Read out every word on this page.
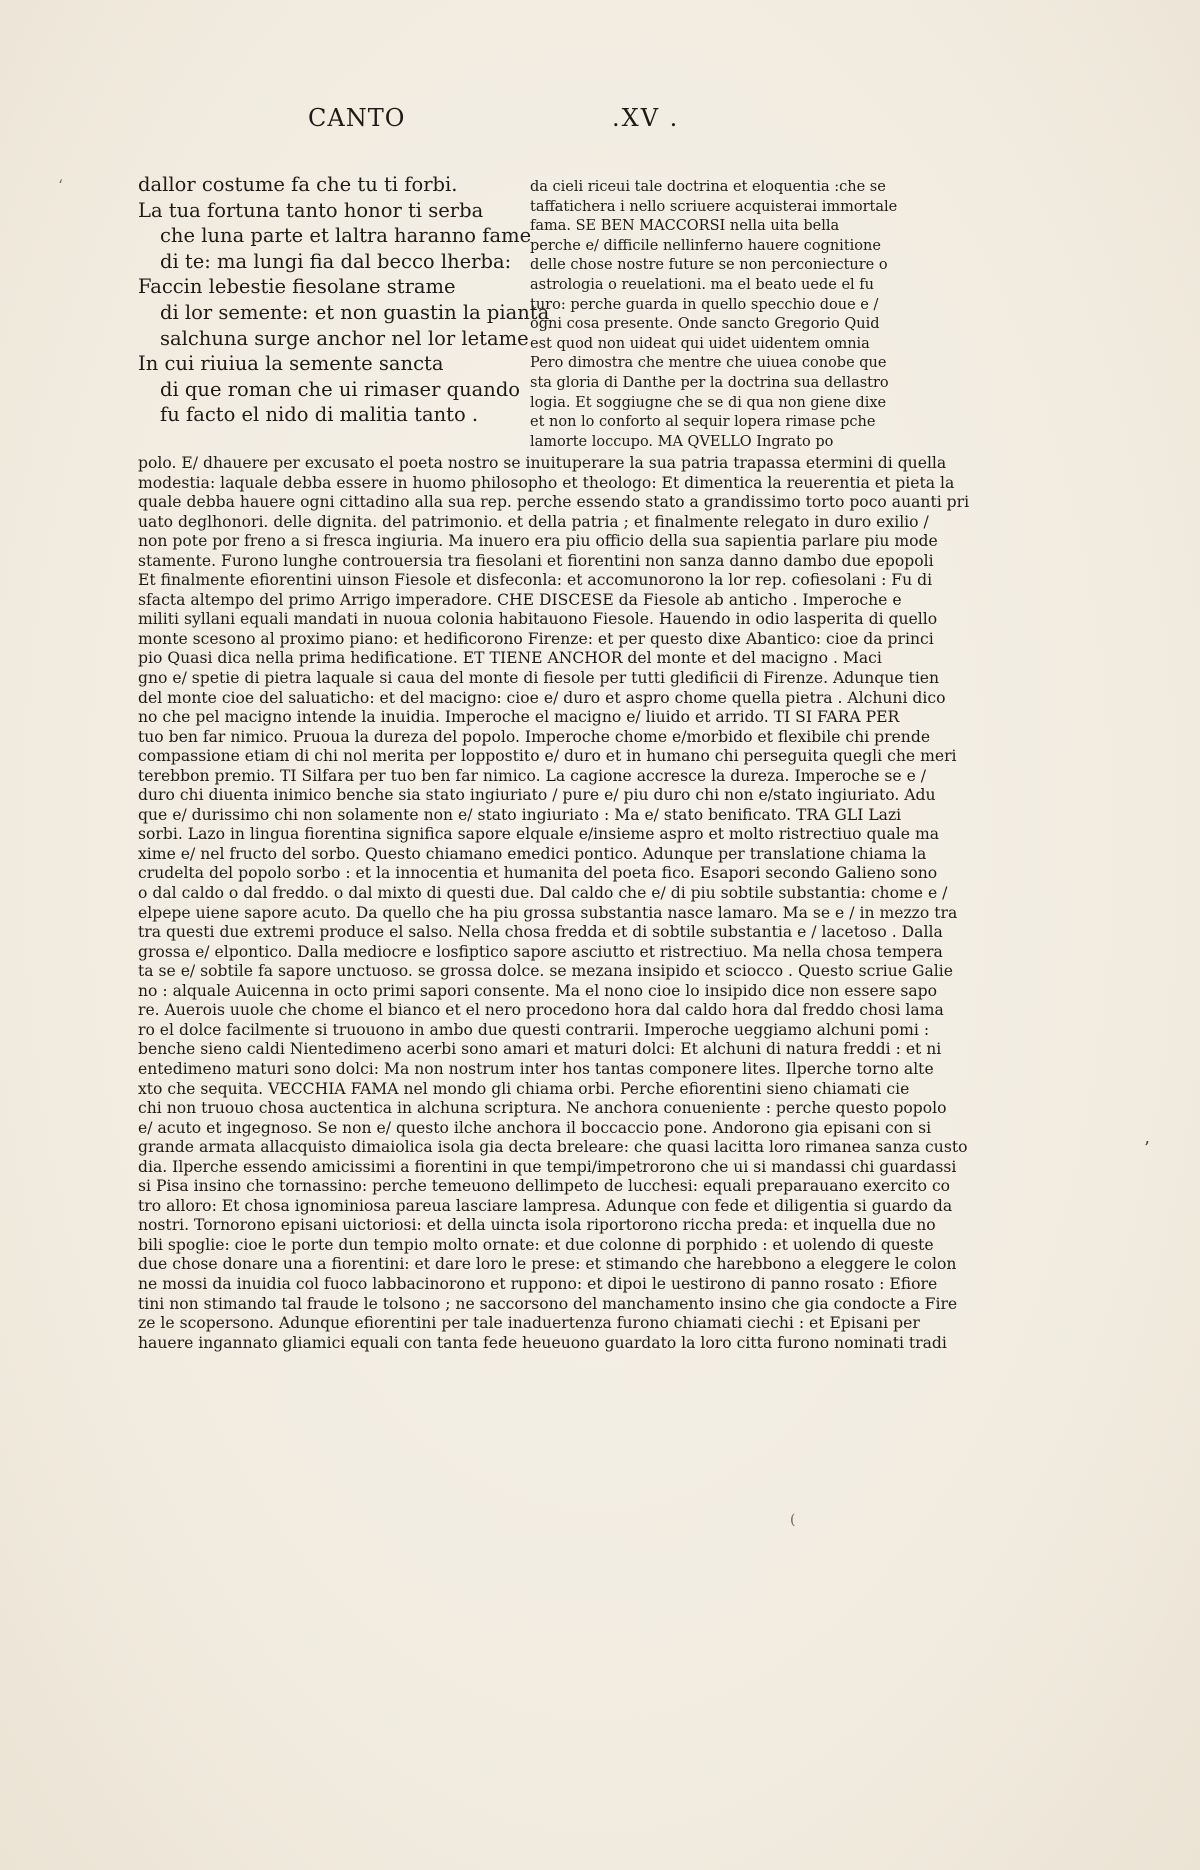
CANTO	.XV .
‘	dallor costume fa che tu ti forbi.
La tua fortuna tanto honor ti serba
che luna parte et laltra haranno fame
di te: ma lungi fia dal becco lherba:
Faccin lebestie fiesolane strame
di lor semente: et non guastin la pianta
salchuna surge anchor nel lor letame
In cui riuiua la semente sancta
di que roman che ui rimaser quando
fu facto el nido di malitia tanto .
da cieli riceui tale doctrina et eloquentia :che se
taffatichera i nello scriuere acquisterai immortale
fama. SE BEN MACCORSI nella uita bella
perche e/ difficile nellinferno hauere cognitione
delle chose nostre future se non perconiecture o
astrologia o reuelationi. ma el beato uede el fu
turo: perche guarda in quello specchio doue e /
ogni cosa presente. Onde sancto Gregorio Quid
est quod non uideat qui uidet uidentem omnia
Pero dimostra che mentre che uiuea conobe que
sta gloria di Danthe per la doctrina sua dellastro
logia. Et soggiugne che se di qua non giene dixe
et non lo conforto al sequir lopera rimase pche
lamorte loccupo. MA QVELLO Ingrato po
polo. E/ dhauere per excusato el poeta nostro se inuituperare la sua patria trapassa etermini di quella
modestia: laquale debba essere in huomo philosopho et theologo: Et dimentica la reuerentia et pieta la
quale debba hauere ogni cittadino alla sua rep. perche essendo stato a grandissimo torto poco auanti pri
uato deglhonori. delle dignita. del patrimonio. et della patria ; et finalmente relegato in duro exilio /
non pote por freno a si fresca ingiuria. Ma inuero era piu officio della sua sapientia parlare piu mode
stamente. Furono lunghe controuersia tra fiesolani et fiorentini non sanza danno dambo due epopoli
Et finalmente efiorentini uinson Fiesole et disfeconla: et accomunorono la lor rep. cofiesolani : Fu di
sfacta altempo del primo Arrigo imperadore. CHE DISCESE da Fiesole ab anticho . Imperoche e
militi syllani equali mandati in nuoua colonia habitauono Fiesole. Hauendo in odio lasperita di quello
monte scesono al proximo piano: et hedificorono Firenze: et per questo dixe Abantico: cioe da princi
pio Quasi dica nella prima hedificatione. ET TIENE ANCHOR del monte et del macigno . Maci
gno e/ spetie di pietra laquale si caua del monte di fiesole per tutti gledificii di Firenze. Adunque tien
del monte cioe del saluaticho: et del macigno: cioe e/ duro et aspro chome quella pietra . Alchuni dico
no che pel macigno intende la inuidia. Imperoche el macigno e/ liuido et arrido. TI SI FARA PER
tuo ben far nimico. Pruoua la dureza del popolo. Imperoche chome e/morbido et flexibile chi prende
compassione etiam di chi nol merita per loppostito e/ duro et in humano chi perseguita quegli che meri
terebbon premio. TI Silfara per tuo ben far nimico. La cagione accresce la dureza. Imperoche se e /
duro chi diuenta inimico benche sia stato ingiuriato / pure e/ piu duro chi non e/stato ingiuriato. Adu
que e/ durissimo chi non solamente non e/ stato ingiuriato : Ma e/ stato benificato. TRA GLI Lazi
sorbi. Lazo in lingua fiorentina significa sapore elquale e/insieme aspro et molto ristrectiuo quale ma
xime e/ nel fructo del sorbo. Questo chiamano emedici pontico. Adunque per translatione chiama la
crudelta del popolo sorbo : et la innocentia et humanita del poeta fico. Esapori secondo Galieno sono
o dal caldo o dal freddo. o dal mixto di questi due. Dal caldo che e/ di piu sobtile substantia: chome e /
elpepe uiene sapore acuto. Da quello che ha piu grossa substantia nasce lamaro. Ma se e / in mezzo tra
tra questi due extremi produce el salso. Nella chosa fredda et di sobtile substantia e / lacetoso . Dalla
grossa e/ elpontico. Dalla mediocre e losfiptico sapore asciutto et ristrectiuo. Ma nella chosa tempera
ta se e/ sobtile fa sapore unctuoso. se grossa dolce. se mezana insipido et sciocco . Questo scriue Galie
no : alquale Auicenna in octo primi sapori consente. Ma el nono cioe lo insipido dice non essere sapo
re. Auerois uuole che chome el bianco et el nero procedono hora dal caldo hora dal freddo chosi lama
ro el dolce facilmente si truouono in ambo due questi contrarii. Imperoche ueggiamo alchuni pomi :
benche sieno caldi Nientedimeno acerbi sono amari et maturi dolci: Et alchuni di natura freddi : et ni
entedimeno maturi sono dolci: Ma non nostrum inter hos tantas componere lites. Ilperche torno alte
xto che sequita. VECCHIA FAMA nel mondo gli chiama orbi. Perche efiorentini sieno chiamati cie
chi non truouo chosa auctentica in alchuna scriptura. Ne anchora conueniente : perche questo popolo
e/ acuto et ingegnoso. Se non e/ questo ilche anchora il boccaccio pone. Andorono gia episani con si
grande armata allacquisto dimaiolica isola gia decta breleare: che quasi lacitta loro rimanea sanza custo
dia. Ilperche essendo amicissimi a fiorentini in que tempi/impetrorono che ui si mandassi chi guardassi
si Pisa insino che tornassino: perche temeuono dellimpeto de lucchesi: equali preparauano exercito co
tro alloro: Et chosa ignominiosa pareua lasciare lampresa. Adunque con fede et diligentia si guardo da
nostri. Tornorono episani uictoriosi: et della uincta isola riportorono riccha preda: et inquella due no
bili spoglie: cioe le porte dun tempio molto ornate: et due colonne di porphido : et uolendo di queste
due chose donare una a fiorentini: et dare loro le prese: et stimando che harebbono a eleggere le colon
ne mossi da inuidia col fuoco labbacinorono et ruppono: et dipoi le uestirono di panno rosato : Efiore
tini non stimando tal fraude le tolsono ; ne saccorsono del manchamento insino che gia condocte a Fire
ze le scopersono. Adunque efiorentini per tale inaduertenza furono chiamati ciechi : et Episani per
hauere ingannato gliamici equali con tanta fede heueuono guardato la loro citta furono nominati tradi
’
(
